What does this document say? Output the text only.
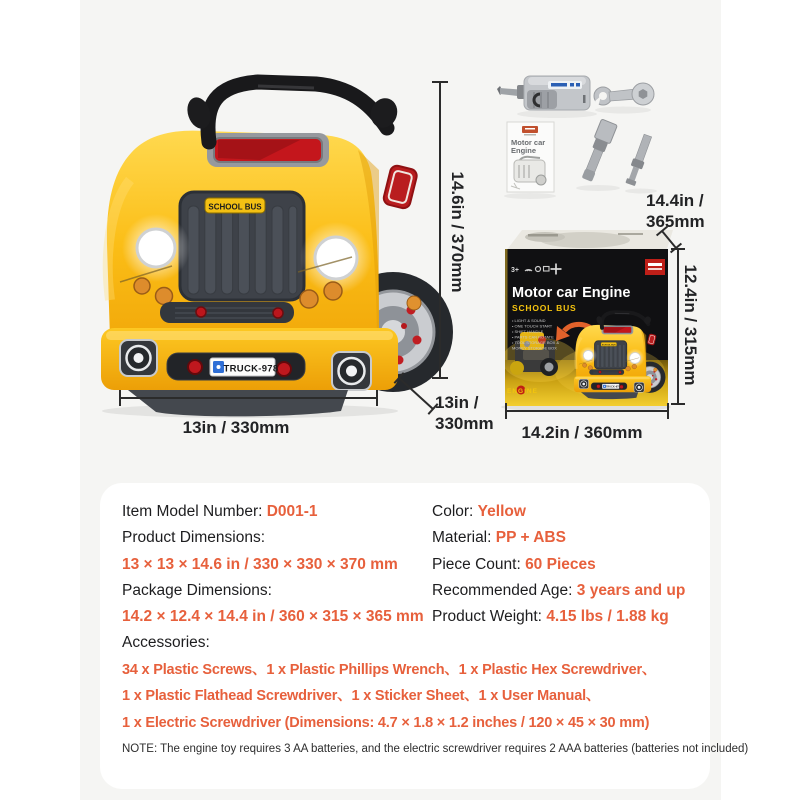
Motor car
Engine
3+
Motor car Engine
SCHOOL BUS
• LIGHT & SOUND
• ONE TOUCH START
• SHIFT HANDLE
• PARTS CAN ROTATE
• TOOL STORAGE BOX &
MONEY STORAGE BOX
ENGINE
14.6in / 370mm
13in / 330mm
13in /
330mm
14.4in /
365mm
12.4in / 315mm
14.2in / 360mm
Item Model Number: D001-1
Product Dimensions:
13 × 13 × 14.6 in / 330 × 330 × 370 mm
Package Dimensions:
14.2 × 12.4 × 14.4 in / 360 × 315 × 365 mm
Color: Yellow
Material: PP + ABS
Piece Count: 60 Pieces
Recommended Age: 3 years and up
Product Weight: 4.15 lbs / 1.88 kg
Accessories:
34 x Plastic Screws、1 x Plastic Phillips Wrench、1 x Plastic Hex Screwdriver、
1 x Plastic Flathead Screwdriver、1 x Sticker Sheet、1 x User Manual、
1 x Electric Screwdriver (Dimensions: 4.7 × 1.8 × 1.2 inches / 120 × 45 × 30 mm)
NOTE: The engine toy requires 3 AA batteries, and the electric screwdriver requires 2 AAA batteries (batteries not included)
